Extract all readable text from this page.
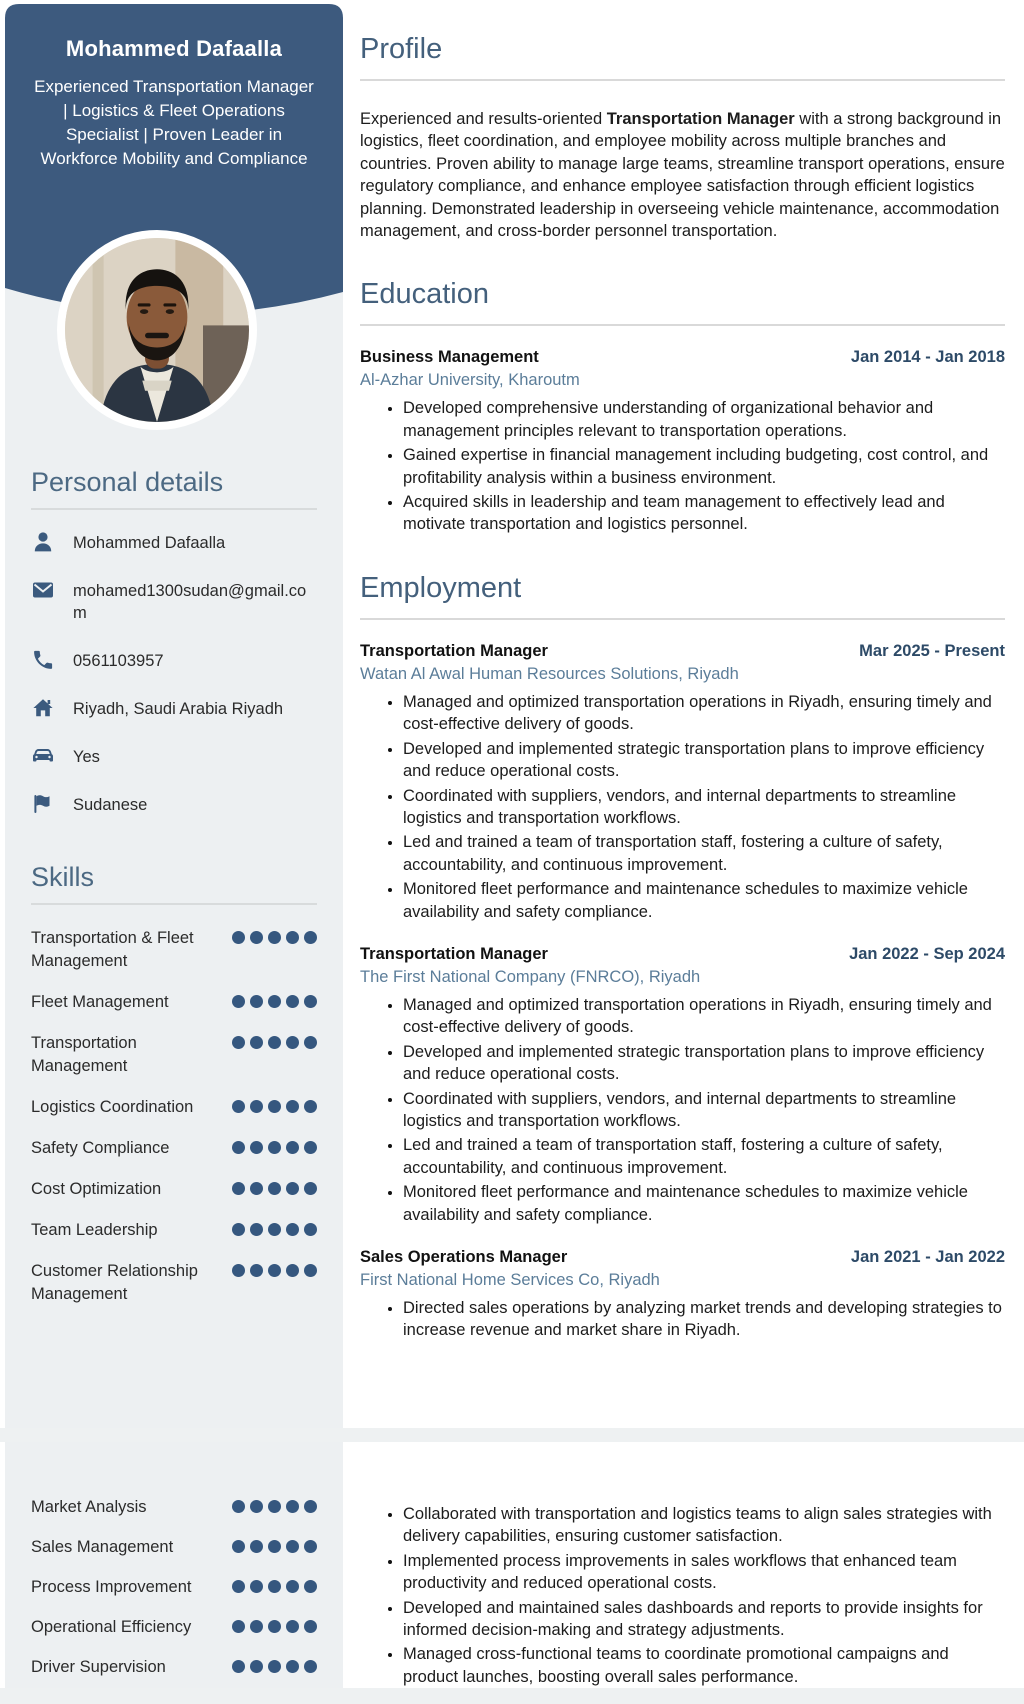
Mohammed Dafaalla

Experienced Transportation Manager | Logistics & Fleet Operations Specialist | Proven Leader in Workforce Mobility and Compliance

Personal details
Mohammed Dafaalla
mohamed1300sudan@gmail.com
0561103957
Riyadh, Saudi Arabia Riyadh
Yes
Sudanese
Skills
Transportation & Fleet Management
Fleet Management
Transportation Management
Logistics Coordination
Safety Compliance
Cost Optimization
Team Leadership
Customer Relationship Management
Market Analysis
Sales Management
Process Improvement
Operational Efficiency
Driver Supervision
Profile

Experienced and results-oriented Transportation Manager with a strong background in logistics, fleet coordination, and employee mobility across multiple branches and countries. Proven ability to manage large teams, streamline transport operations, ensure regulatory compliance, and enhance employee satisfaction through efficient logistics planning. Demonstrated leadership in overseeing vehicle maintenance, accommodation management, and cross-border personnel transportation.

Education
Business Management	Jan 2014 - Jan 2018
Al-Azhar University, Kharoutm
• Developed comprehensive understanding of organizational behavior and management principles relevant to transportation operations.
• Gained expertise in financial management including budgeting, cost control, and profitability analysis within a business environment.
• Acquired skills in leadership and team management to effectively lead and motivate transportation and logistics personnel.
Employment
Transportation Manager	Mar 2025 - Present
Watan Al Awal Human Resources Solutions, Riyadh
• Managed and optimized transportation operations in Riyadh, ensuring timely and cost-effective delivery of goods.
• Developed and implemented strategic transportation plans to improve efficiency and reduce operational costs.
• Coordinated with suppliers, vendors, and internal departments to streamline logistics and transportation workflows.
• Led and trained a team of transportation staff, fostering a culture of safety, accountability, and continuous improvement.
• Monitored fleet performance and maintenance schedules to maximize vehicle availability and safety compliance.
Transportation Manager	Jan 2022 - Sep 2024
The First National Company (FNRCO), Riyadh
• Managed and optimized transportation operations in Riyadh, ensuring timely and cost-effective delivery of goods.
• Developed and implemented strategic transportation plans to improve efficiency and reduce operational costs.
• Coordinated with suppliers, vendors, and internal departments to streamline logistics and transportation workflows.
• Led and trained a team of transportation staff, fostering a culture of safety, accountability, and continuous improvement.
• Monitored fleet performance and maintenance schedules to maximize vehicle availability and safety compliance.
Sales Operations Manager	Jan 2021 - Jan 2022
First National Home Services Co, Riyadh
• Directed sales operations by analyzing market trends and developing strategies to increase revenue and market share in Riyadh.
• Collaborated with transportation and logistics teams to align sales strategies with delivery capabilities, ensuring customer satisfaction.
• Implemented process improvements in sales workflows that enhanced team productivity and reduced operational costs.
• Developed and maintained sales dashboards and reports to provide insights for informed decision-making and strategy adjustments.
• Managed cross-functional teams to coordinate promotional campaigns and product launches, boosting overall sales performance.
